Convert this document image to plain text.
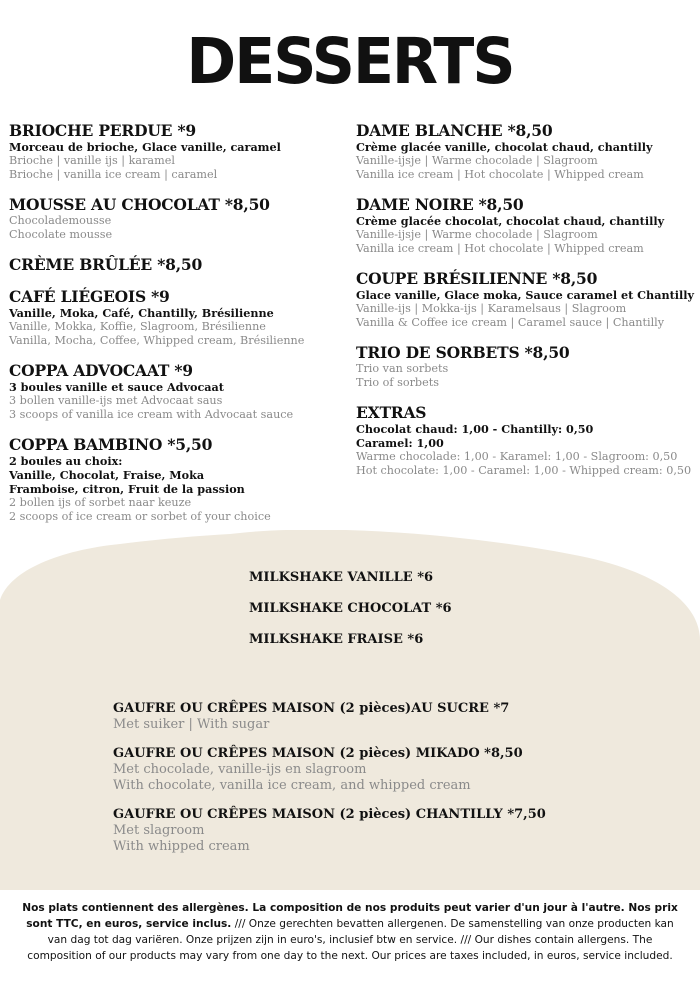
DESSERTS
BRIOCHE PERDUE *9
Morceau de brioche, Glace vanille, caramel
Brioche | vanille ijs | karamel
Brioche | vanilla ice cream | caramel
MOUSSE AU CHOCOLAT *8,50
Chocolademousse
Chocolate mousse
CRÈME BRÛLÉE *8,50
CAFÉ LIÉGEOIS *9
Vanille, Moka, Café, Chantilly, Brésilienne
Vanille, Mokka, Koffie, Slagroom, Brésilienne
Vanilla, Mocha, Coffee, Whipped cream, Brésilienne
COPPA ADVOCAAT *9
3 boules vanille et sauce Advocaat
3 bollen vanille-ijs met Advocaat saus
3 scoops of vanilla ice cream with Advocaat sauce
COPPA BAMBINO *5,50
2 boules au choix:
Vanille, Chocolat, Fraise, Moka
Framboise, citron, Fruit de la passion
2 bollen ijs of sorbet naar keuze
2 scoops of ice cream or sorbet of your choice
DAME BLANCHE *8,50
Crème glacée vanille, chocolat chaud, chantilly
Vanille-ijsje | Warme chocolade | Slagroom
Vanilla ice cream | Hot chocolate | Whipped cream
DAME NOIRE *8,50
Crème glacée chocolat, chocolat chaud, chantilly
Vanille-ijsje | Warme chocolade | Slagroom
Vanilla ice cream | Hot chocolate | Whipped cream
COUPE BRÉSILIENNE *8,50
Glace vanille, Glace moka, Sauce caramel et Chantilly
Vanille-ijs | Mokka-ijs | Karamelsaus | Slagroom
Vanilla & Coffee ice cream | Caramel sauce | Chantilly
TRIO DE SORBETS *8,50
Trio van sorbets
Trio of sorbets
EXTRAS
Chocolat chaud: 1,00 - Chantilly: 0,50
Caramel: 1,00
Warme chocolade: 1,00 - Karamel: 1,00 - Slagroom: 0,50
Hot chocolate: 1,00 - Caramel: 1,00 - Whipped cream: 0,50
MILKSHAKE VANILLE *6
MILKSHAKE CHOCOLAT *6
MILKSHAKE FRAISE *6
GAUFRE OU CRÊPES MAISON (2 pièces)AU SUCRE *7
Met suiker | With sugar
GAUFRE OU CRÊPES MAISON (2 pièces) MIKADO *8,50
Met chocolade, vanille-ijs en slagroom
With chocolate, vanilla ice cream, and whipped cream
GAUFRE OU CRÊPES MAISON (2 pièces) CHANTILLY *7,50
Met slagroom
With whipped cream
Nos plats contiennent des allergènes. La composition de nos produits peut varier d'un jour à l'autre. Nos prix sont TTC, en euros, service inclus. /// Onze gerechten bevatten allergenen. De samenstelling van onze producten kan van dag tot dag variëren. Onze prijzen zijn in euro's, inclusief btw en service. /// Our dishes contain allergens. The composition of our products may vary from one day to the next. Our prices are taxes included, in euros, service included.
